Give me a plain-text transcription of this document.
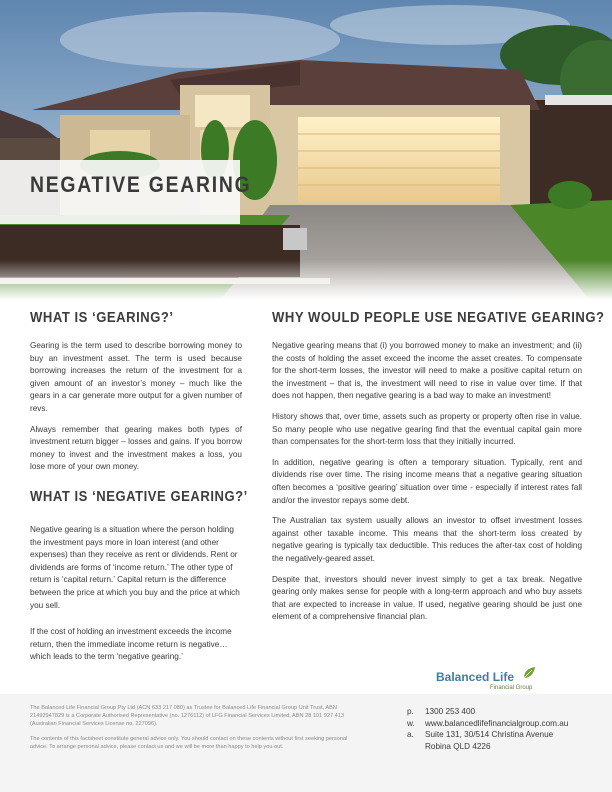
NEGATIVE GEARING
WHAT IS ‘GEARING?’

Gearing is the term used to describe borrowing money to buy an investment asset. The term is used because borrowing increases the return of the investment for a given amount of an investor’s money – much like the gears in a car generate more output for a given number of revs.

Always remember that gearing makes both types of investment return bigger – losses and gains. If you borrow money to invest and the investment makes a loss, you lose more of your own money.

WHAT IS ‘NEGATIVE GEARING?’

Negative gearing is a situation where the person holding the investment pays more in loan interest (and other expenses) than they receive as rent or dividends. Rent or dividends are forms of ‘income return.’ The other type of return is ‘capital return.’ Capital return is the difference between the price at which you buy and the price at which you sell.

If the cost of holding an investment exceeds the income return, then the immediate income return is negative… which leads to the term ‘negative gearing.’

WHY WOULD PEOPLE USE NEGATIVE GEARING?

Negative gearing means that (i) you borrowed money to make an investment; and (ii) the costs of holding the asset exceed the income the asset creates. To compensate for the short-term losses, the investor will need to make a positive capital return on the investment – that is, the investment will need to rise in value over time. If that does not happen, then negative gearing is a bad way to make an investment!

History shows that, over time, assets such as property or property often rise in value. So many people who use negative gearing find that the eventual capital gain more than compensates for the short-term loss that they initially incurred.

In addition, negative gearing is often a temporary situation. Typically, rent and dividends rise over time. The rising income means that a negative gearing situation often becomes a ‘positive gearing’ situation over time - especially if interest rates fall and/or the investor repays some debt.

The Australian tax system usually allows an investor to offset investment losses against other taxable income. This means that the short-term loss created by negative gearing is typically tax deductible. This reduces the after-tax cost of holding the negatively-geared asset.

Despite that, investors should never invest simply to get a tax break. Negative gearing only makes sense for people with a long-term approach and who buy assets that are expected to increase in value. If used, negative gearing should be just one element of a comprehensive financial plan.

Balanced Life
Financial Group

The Balanced Life Financial Group Pty Ltd (ACN 633 217 080) as Trustee for Balanced Life Financial Group Unit Trust, ABN 21492947829 is a Corporate Authorised Representative (no. 1276112) of LFG Financial Services Limited, ABN 28 101 927 413 (Australian Financial Services License no. 227096).

The contents of this factsheet constitute general advice only. You should contact on these contents without first seeking personal advice. To arrange personal advice, please contact us and we will be more than happy to help you out.

p.	1300 253 400
w.	www.balancedlifefinancialgroup.com.au
a.	Suite 131, 30/514 Christina Avenue
Robina QLD 4226
